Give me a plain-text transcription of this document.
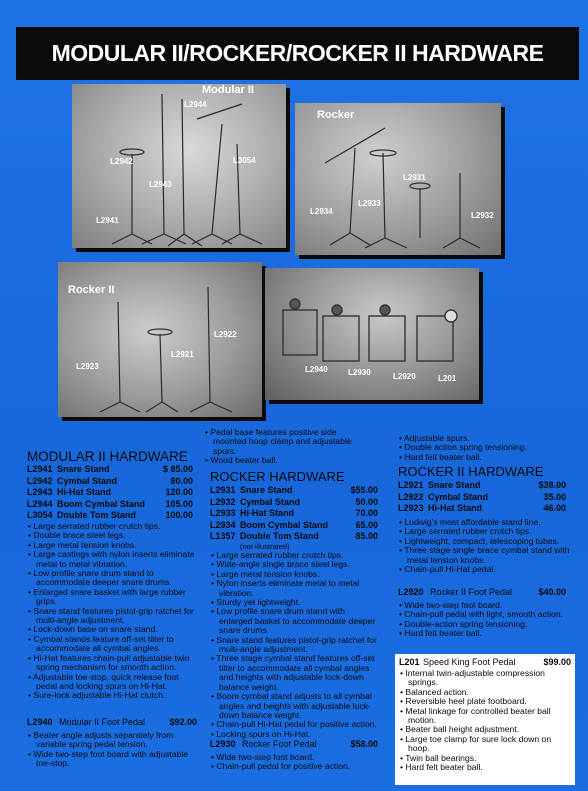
MODULAR II/ROCKER/ROCKER II HARDWARE
Modular II
L2944
L2942
L2943
L3054
L2941
Rocker
L2931
L2934
L2933
L2932
Rocker II
L2923
L2921
L2922
L2940	L2930	L2920	L201
MODULAR II HARDWARE
L2941 Snare Stand	$ 85.00
L2942 Cymbal Stand	80.00
L2943 Hi-Hat Stand	120.00
L2944 Boom Cymbal Stand	105.00
L3054 Double Tom Stand	100.00
• Large serrated rubber crutch tips.
• Double brace steel legs.
• Large metal tension knobs.
• Large castings with nylon inserts eliminate metal to metal vibration.
• Low profile snare drum stand to accommodate deeper snare drums.
• Enlarged snare basket with large rubber grips.
• Snare stand features pistol-grip ratchet for multi-angle adjustment.
• Lock-down base on snare stand.
• Cymbal stands feature off-set tilter to accommodate all cymbal angles.
• Hi-Hat features chain-pull adjustable twin spring mechanism for smooth action.
• Adjustable toe-stop, quick release foot pedal and locking spurs on Hi-Hat.
• Sure-lock adjustable Hi-Hat clutch.
L2940 Modular II Foot Pedal	$92.00
• Beater angle adjusts separately from variable spring pedal tension.
• Wide two-step foot board with adjustable toe-stop.
• Pedal base features positive side mounted hoop clamp and adjustable spurs.
• Wood beater ball.
ROCKER HARDWARE
L2931 Snare Stand	$55.00
L2932 Cymbal Stand	50.00
L2933 Hi-Hat Stand	70.00
L2934 Boom Cymbal Stand	65.00
L1357 Double Tom Stand	85.00
(not illustrated)
• Large serrated rubber crutch tips.
• Wide-angle single brace steel legs.
• Large metal tension knobs.
• Nylon inserts eliminate metal to metal vibration.
• Sturdy yet lightweight.
• Low profile snare drum stand with enlarged basket to accommodate deeper snare drums.
• Snare stand features pistol-grip ratchet for multi-angle adjustment.
• Three stage cymbal stand features off-set tilter to accommodate all cymbal angles and heights with adjustable lock-down balance weight.
• Boom cymbal stand adjusts to all cymbal angles and heights with adjustable lock-down balance weight.
• Chain-pull Hi-Hat pedal for positive action.
• Locking spurs on Hi-Hat.
L2930 Rocker Foot Pedal	$58.00
• Wide two-step foot board.
• Chain-pull pedal for positive action.
• Adjustable spurs.
• Double action spring tensioning.
• Hard felt beater ball.
ROCKER II HARDWARE
L2921 Snare Stand	$38.00
L2922 Cymbal Stand	35.00
L2923 Hi-Hat Stand	46.00
• Ludwig's most affordable stand line.
• Large serrated rubber crutch tips.
• Lightweight, compact, telescoping tubes.
• Three stage single brace cymbal stand with metal tension knobs.
• Chain-pull Hi-Hat pedal.
L2920 Rocker II Foot Pedal	$40.00
• Wide two-step foot board.
• Chain-pull pedal with light, smooth action.
• Double-action spring tensioning.
• Hard felt beater ball.
L201 Speed King Foot Pedal	$99.00
• Internal twin-adjustable compression springs.
• Balanced action.
• Reversible heel plate footboard.
• Metal linkage for controlled beater ball motion.
• Beater ball height adjustment.
• Large toe clamp for sure lock down on hoop.
• Twin ball bearings.
• Hard felt beater ball.
